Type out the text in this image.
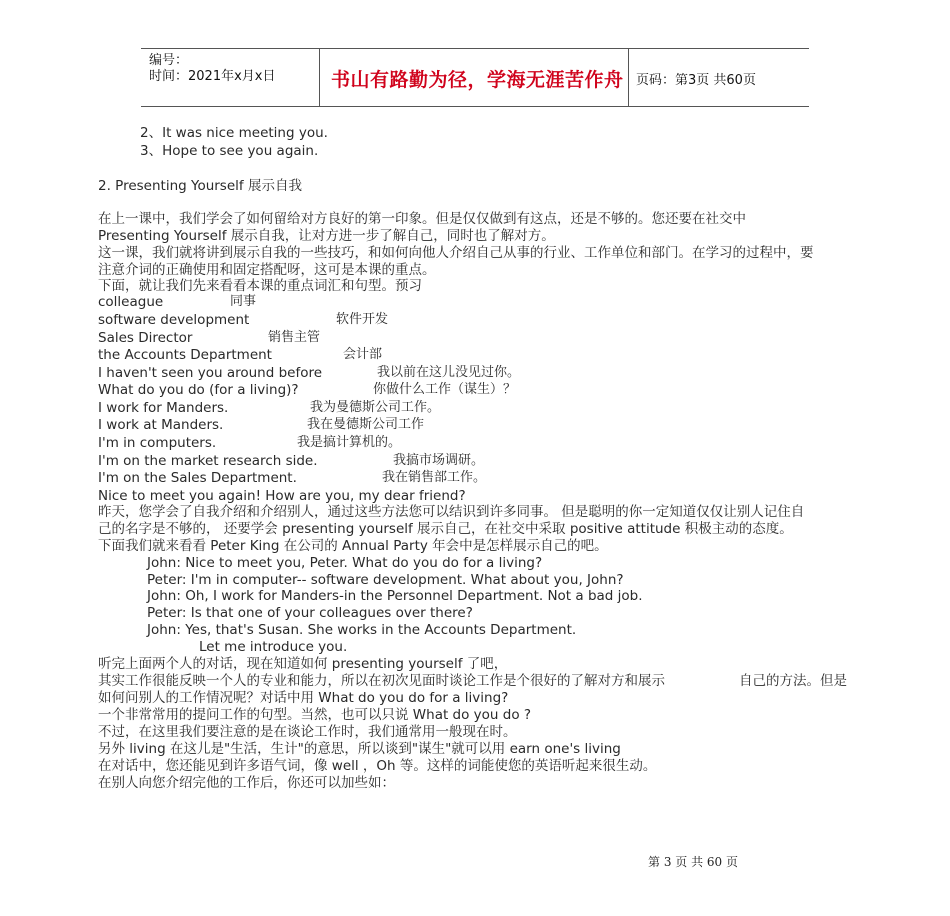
编号：
时间：2021年x月x日	书山有路勤为径，学海无涯苦作舟 页码：第3页 共60页
2、It was nice meeting you.
3、Hope to see you again.
2. Presenting Yourself 展示自我
在上一课中，我们学会了如何留给对方良好的第一印象。但是仅仅做到有这点，还是不够的。您还要在社交中
Presenting Yourself 展示自我，让对方进一步了解自己，同时也了解对方。
这一课，我们就将讲到展示自我的一些技巧，和如何向他人介绍自己从事的行业、工作单位和部门。在学习的过程中，要
注意介词的正确使用和固定搭配呀，这可是本课的重点。
下面，就让我们先来看看本课的重点词汇和句型。预习
colleague	同事
software development	软件开发
Sales Director	销售主管
the Accounts Department	会计部
I haven't seen you around before	我以前在这儿没见过你。
What do you do (for a living)?	你做什么工作（谋生）？
I work for Manders.	我为曼德斯公司工作。
I work at Manders.	我在曼德斯公司工作
I'm in computers.	我是搞计算机的。
I'm on the market research side.	我搞市场调研。
I'm on the Sales Department.	我在销售部工作。
Nice to meet you again! How are you, my dear friend?
昨天，您学会了自我介绍和介绍别人，通过这些方法您可以结识到许多同事。 但是聪明的你一定知道仅仅让别人记住自
己的名字是不够的， 还要学会 presenting yourself 展示自己，在社交中采取 positive attitude 积极主动的态度。
下面我们就来看看 Peter King 在公司的 Annual Party 年会中是怎样展示自己的吧。
John: Nice to meet you, Peter. What do you do for a living?
Peter: I'm in computer-- software development. What about you, John?
John: Oh, I work for Manders-in the Personnel Department. Not a bad job.
Peter: Is that one of your colleagues over there?
John: Yes, that's Susan. She works in the Accounts Department.
Let me introduce you.
听完上面两个人的对话，现在知道如何 presenting yourself 了吧，
其实工作很能反映一个人的专业和能力，所以在初次见面时谈论工作是个很好的了解对方和展示	自己的方法。但是
如何问别人的工作情况呢？对话中用 What do you do for a living?
一个非常常用的提问工作的句型。当然，也可以只说 What do you do ?
不过，在这里我们要注意的是在谈论工作时，我们通常用一般现在时。
另外 living 在这儿是"生活，生计"的意思，所以谈到"谋生"就可以用 earn one's living
在对话中，您还能见到许多语气词，像 well ，Oh 等。这样的词能使您的英语听起来很生动。
在别人向您介绍完他的工作后，你还可以加些如：
第 3 页 共 60 页
